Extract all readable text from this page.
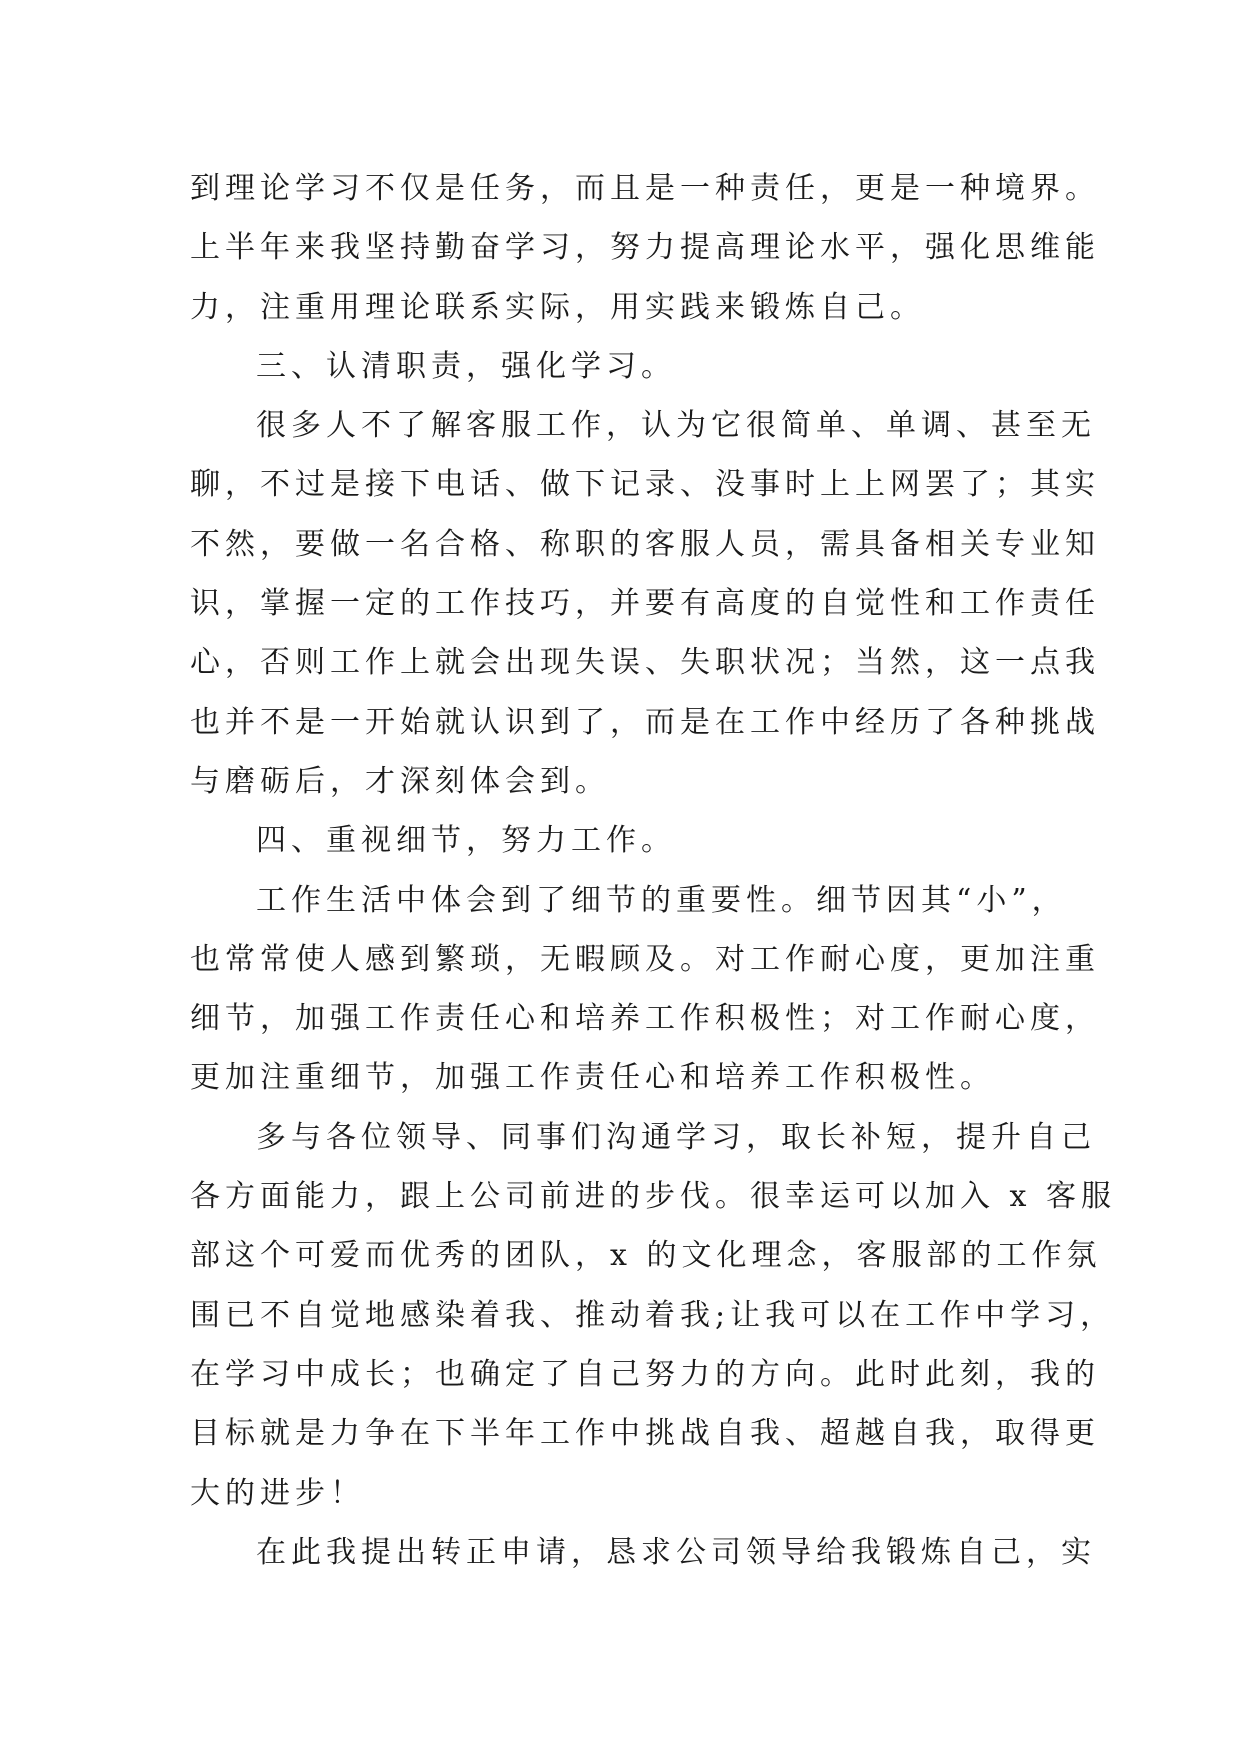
到理论学习不仅是任务，而且是一种责任，更是一种境界。
上半年来我坚持勤奋学习，努力提高理论水平，强化思维能
力，注重用理论联系实际，用实践来锻炼自己。
三、认清职责，强化学习。
很多人不了解客服工作，认为它很简单、单调、甚至无
聊，不过是接下电话、做下记录、没事时上上网罢了；其实
不然，要做一名合格、称职的客服人员，需具备相关专业知
识，掌握一定的工作技巧，并要有高度的自觉性和工作责任
心，否则工作上就会出现失误、失职状况；当然，这一点我
也并不是一开始就认识到了，而是在工作中经历了各种挑战
与磨砺后，才深刻体会到。
四、重视细节，努力工作。
工作生活中体会到了细节的重要性。细节因其“小”，
也常常使人感到繁琐，无暇顾及。对工作耐心度，更加注重
细节，加强工作责任心和培养工作积极性；对工作耐心度，
更加注重细节，加强工作责任心和培养工作积极性。
多与各位领导、同事们沟通学习，取长补短，提升自己
各方面能力，跟上公司前进的步伐。很幸运可以加入 x 客服
部这个可爱而优秀的团队，x 的文化理念，客服部的工作氛
围已不自觉地感染着我、推动着我;让我可以在工作中学习，
在学习中成长；也确定了自己努力的方向。此时此刻，我的
目标就是力争在下半年工作中挑战自我、超越自我，取得更
大的进步！
在此我提出转正申请，恳求公司领导给我锻炼自己，实
